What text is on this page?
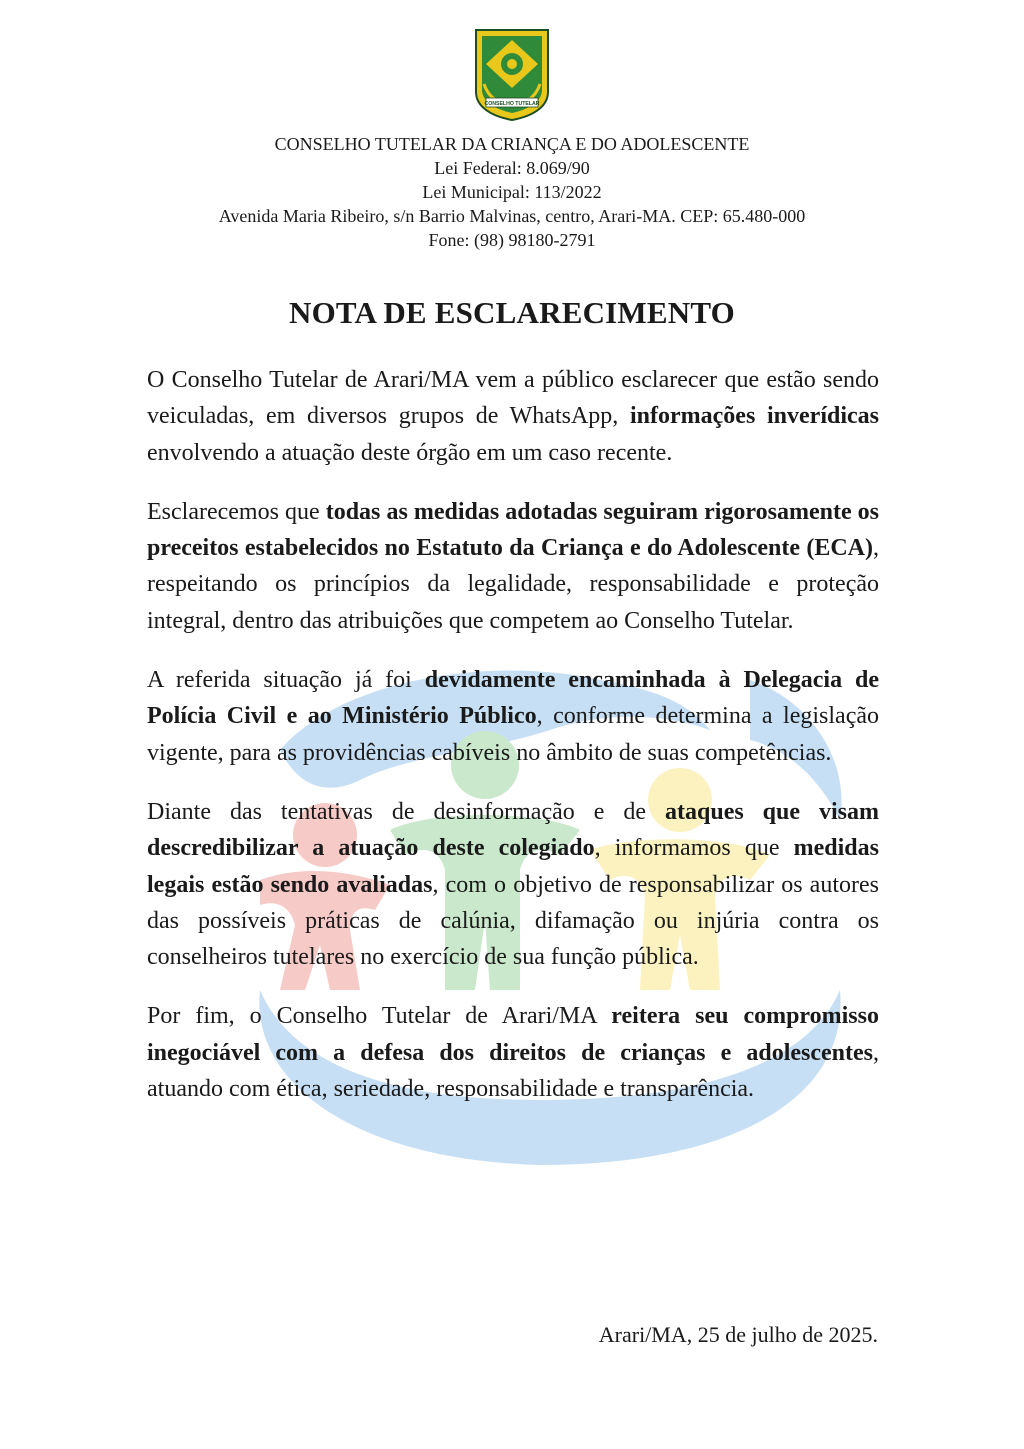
CONSELHO TUTELAR
CONSELHO TUTELAR DA CRIANÇA E DO ADOLESCENTE
Lei Federal: 8.069/90
Lei Municipal: 113/2022
Avenida Maria Ribeiro, s/n Barrio Malvinas, centro, Arari-MA. CEP: 65.480-000
Fone: (98) 98180-2791
NOTA DE ESCLARECIMENTO

O Conselho Tutelar de Arari/MA vem a público esclarecer que estão sendo veiculadas, em diversos grupos de WhatsApp, informações inverídicas envolvendo a atuação deste órgão em um caso recente.

Esclarecemos que todas as medidas adotadas seguiram rigorosamente os preceitos estabelecidos no Estatuto da Criança e do Adolescente (ECA), respeitando os princípios da legalidade, responsabilidade e proteção integral, dentro das atribuições que competem ao Conselho Tutelar.

A referida situação já foi devidamente encaminhada à Delegacia de Polícia Civil e ao Ministério Público, conforme determina a legislação vigente, para as providências cabíveis no âmbito de suas competências.

Diante das tentativas de desinformação e de ataques que visam descredibilizar a atuação deste colegiado, informamos que medidas legais estão sendo avaliadas, com o objetivo de responsabilizar os autores das possíveis práticas de calúnia, difamação ou injúria contra os conselheiros tutelares no exercício de sua função pública.

Por fim, o Conselho Tutelar de Arari/MA reitera seu compromisso inegociável com a defesa dos direitos de crianças e adolescentes, atuando com ética, seriedade, responsabilidade e transparência.

Arari/MA, 25 de julho de 2025.
